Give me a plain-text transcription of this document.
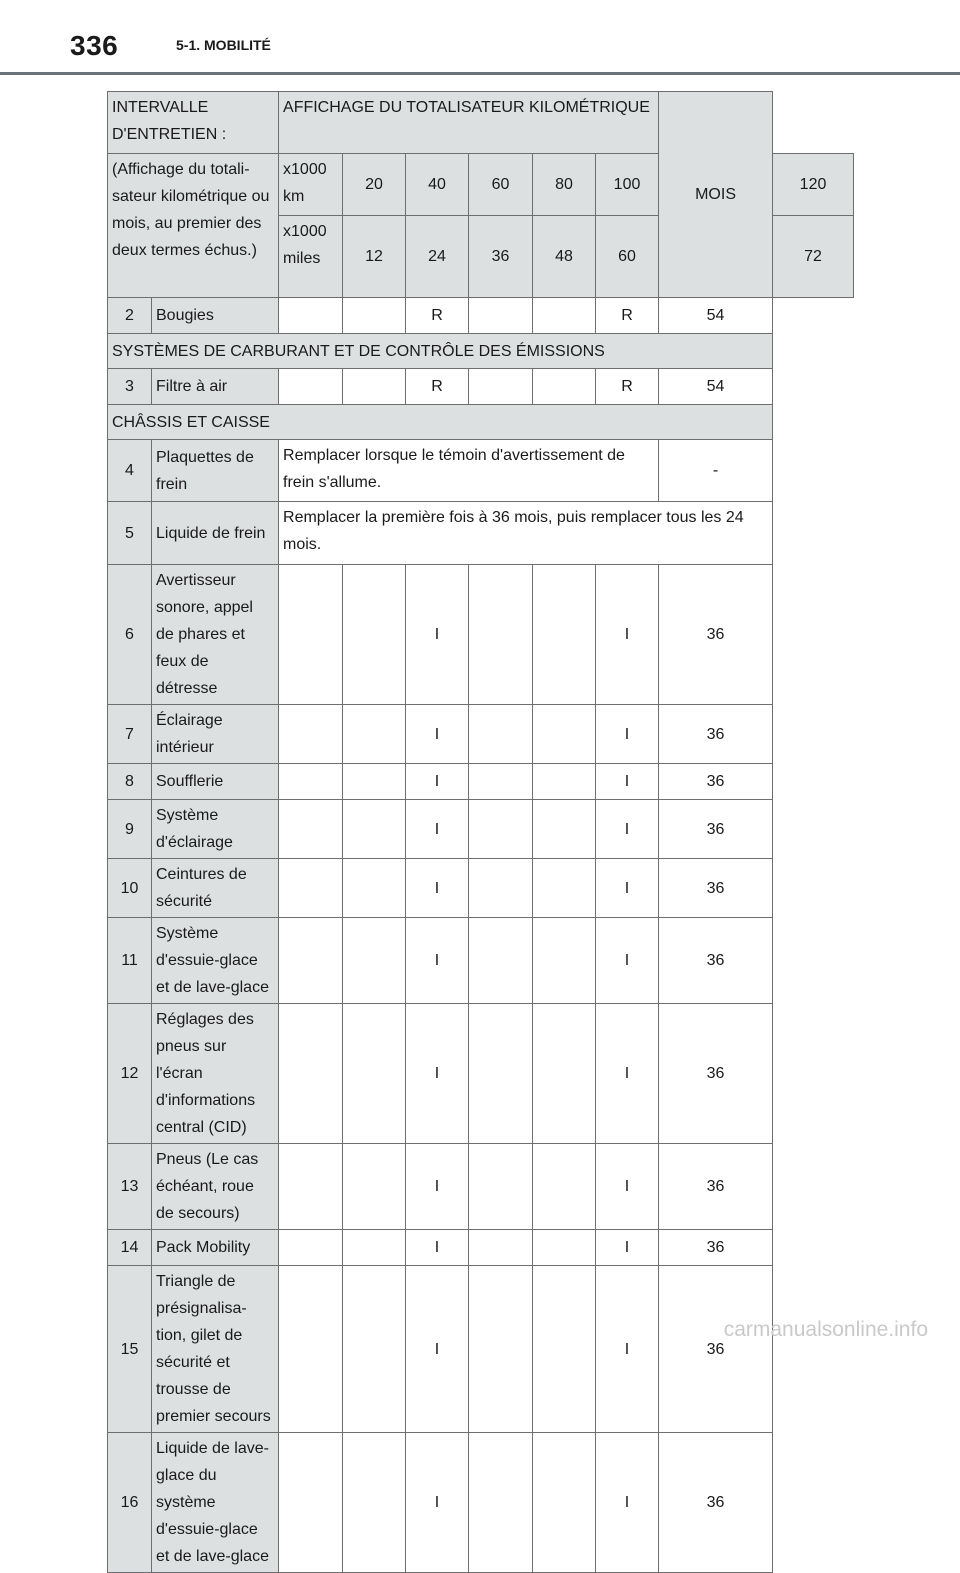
336	5-1. MOBILITÉ
INTERVALLE D'ENTRETIEN :		AFFICHAGE DU TOTALISATEUR KILOMÉTRIQUE						MOIS	
(Affichage du totali-sateur kilométrique ou mois, au premier des deux termes échus.)		x1000 km	20	40	60	80	100		120
		x1000 miles	12	24	36	48	60		72
2	Bougies			R			R	54	
SYSTÈMES DE CARBURANT ET DE CONTRÔLE DES ÉMISSIONS									
3	Filtre à air			R			R	54	
CHÂSSIS ET CAISSE									
4	Plaquettes de frein	Remplacer lorsque le témoin d'avertissement de frein s'allume.						-	
5	Liquide de frein	Remplacer la première fois à 36 mois, puis remplacer tous les 24 mois.							
6	Avertisseur sonore, appel de phares et feux de détresse			I			I	36	
7	Éclairage intérieur			I			I	36	
8	Soufflerie			I			I	36	
9	Système d'éclairage			I			I	36	
10	Ceintures de sécurité			I			I	36	
11	Système d'essuie-glace et de lave-glace			I			I	36	
12	Réglages des pneus sur l'écran d'informations central (CID)			I			I	36	
13	Pneus (Le cas échéant, roue de secours)			I			I	36	
14	Pack Mobility			I			I	36	
15	Triangle de présignalisa-tion, gilet de sécurité et trousse de premier secours			I			I	36	
16	Liquide de lave-glace du système d'essuie-glace et de lave-glace			I			I	36	
carmanualsonline.info
